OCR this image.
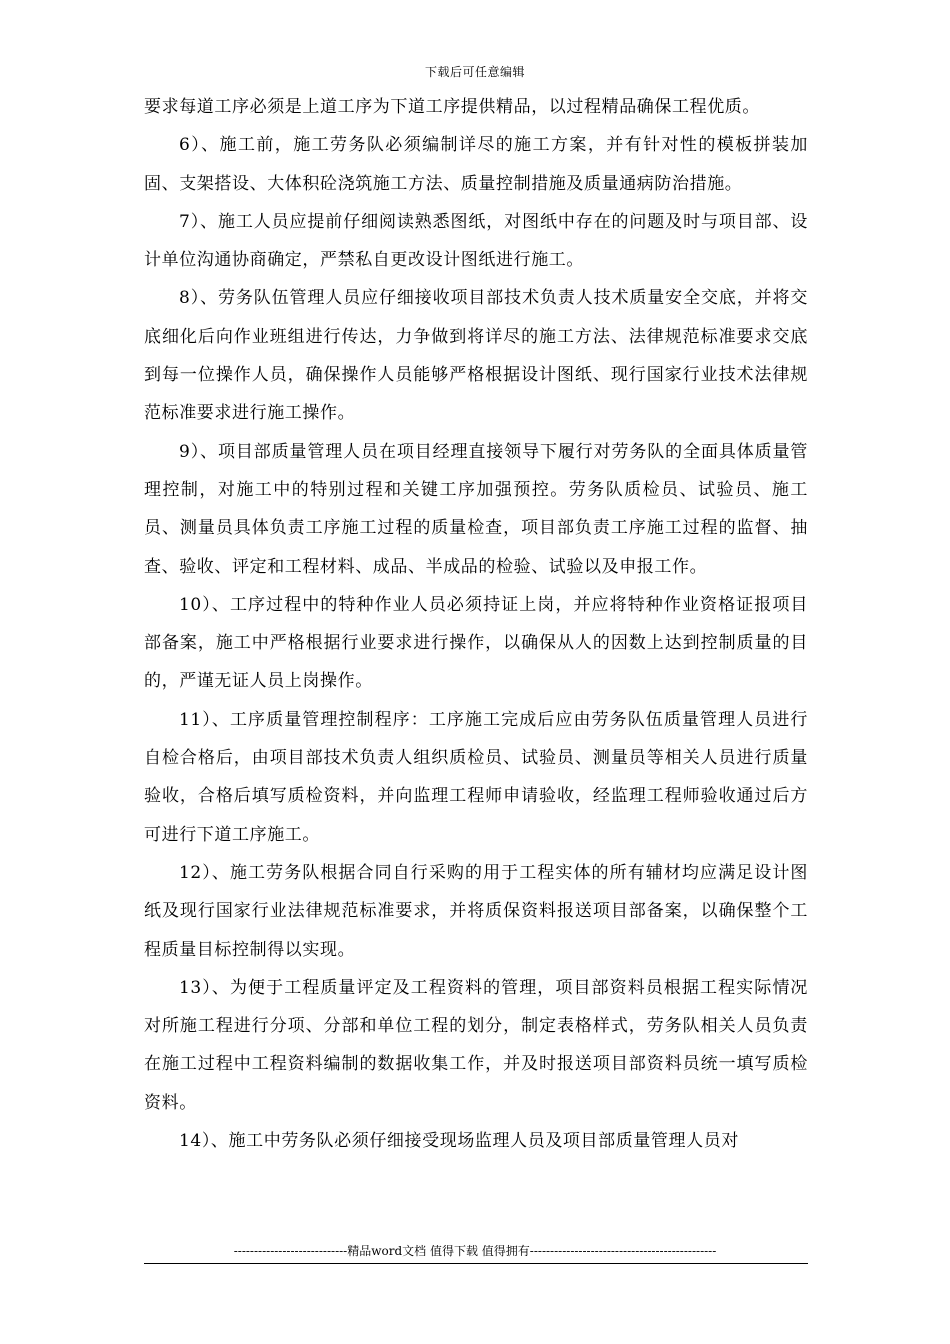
下载后可任意编辑

要求每道工序必须是上道工序为下道工序提供精品，以过程精品确保工程优质。

6）、施工前，施工劳务队必须编制详尽的施工方案，并有针对性的模板拼装加固、支架搭设、大体积砼浇筑施工方法、质量控制措施及质量通病防治措施。

7）、施工人员应提前仔细阅读熟悉图纸，对图纸中存在的问题及时与项目部、设计单位沟通协商确定，严禁私自更改设计图纸进行施工。

8）、劳务队伍管理人员应仔细接收项目部技术负责人技术质量安全交底，并将交底细化后向作业班组进行传达，力争做到将详尽的施工方法、法律规范标准要求交底到每一位操作人员，确保操作人员能够严格根据设计图纸、现行国家行业技术法律规范标准要求进行施工操作。

9）、项目部质量管理人员在项目经理直接领导下履行对劳务队的全面具体质量管理控制，对施工中的特别过程和关键工序加强预控。劳务队质检员、试验员、施工员、测量员具体负责工序施工过程的质量检查，项目部负责工序施工过程的监督、抽查、验收、评定和工程材料、成品、半成品的检验、试验以及申报工作。

10）、工序过程中的特种作业人员必须持证上岗，并应将特种作业资格证报项目部备案，施工中严格根据行业要求进行操作，以确保从人的因数上达到控制质量的目的，严谨无证人员上岗操作。

11）、工序质量管理控制程序：工序施工完成后应由劳务队伍质量管理人员进行自检合格后，由项目部技术负责人组织质检员、试验员、测量员等相关人员进行质量验收，合格后填写质检资料，并向监理工程师申请验收，经监理工程师验收通过后方可进行下道工序施工。

12）、施工劳务队根据合同自行采购的用于工程实体的所有辅材均应满足设计图纸及现行国家行业法律规范标准要求，并将质保资料报送项目部备案，以确保整个工程质量目标控制得以实现。

13）、为便于工程质量评定及工程资料的管理，项目部资料员根据工程实际情况对所施工程进行分项、分部和单位工程的划分，制定表格样式，劳务队相关人员负责在施工过程中工程资料编制的数据收集工作，并及时报送项目部资料员统一填写质检资料。

14）、施工中劳务队必须仔细接受现场监理人员及项目部质量管理人员对

----------------------------精品word文档 值得下载 值得拥有----------------------------------------------
